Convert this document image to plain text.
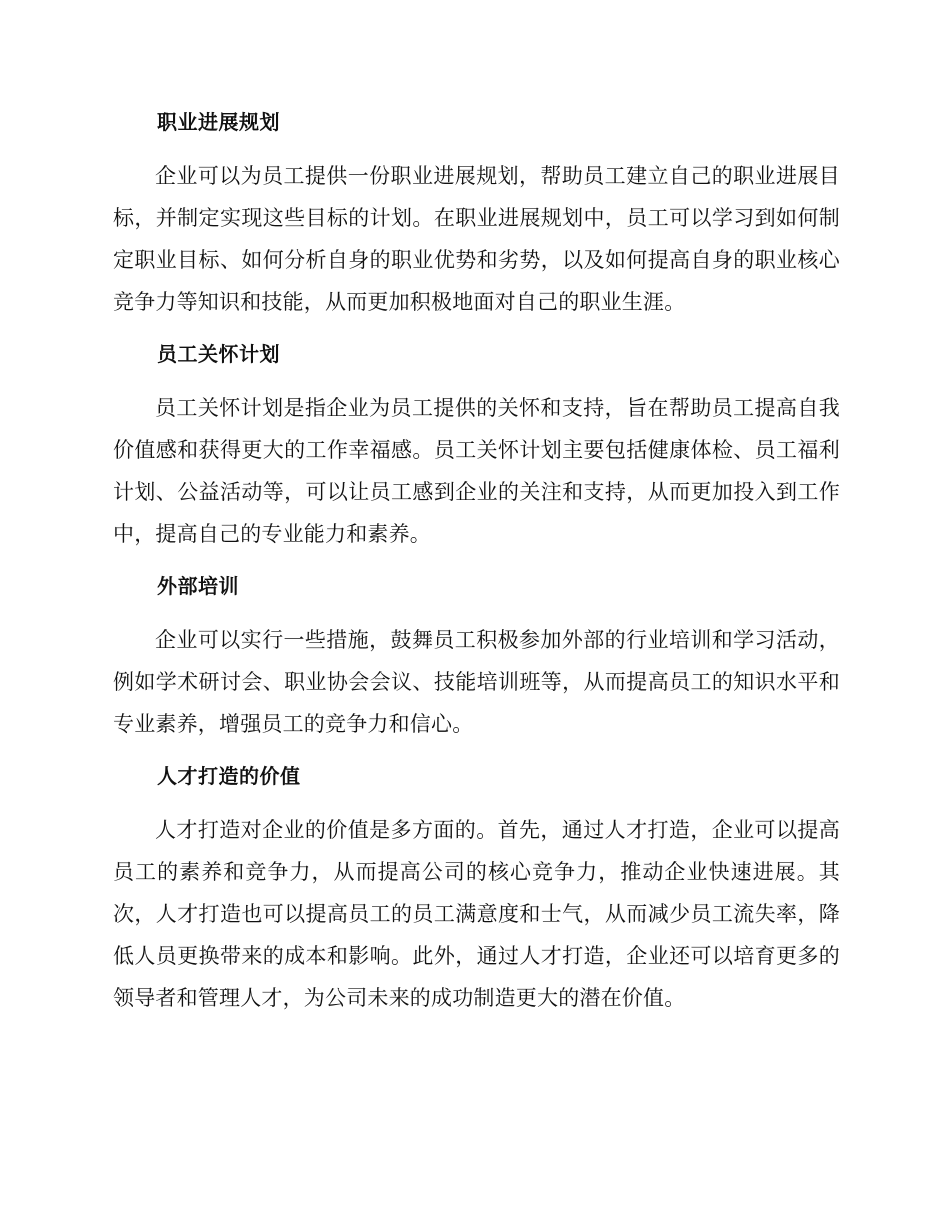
职业进展规划

企业可以为员工提供一份职业进展规划，帮助员工建立自己的职业进展目标，并制定实现这些目标的计划。在职业进展规划中，员工可以学习到如何制定职业目标、如何分析自身的职业优势和劣势，以及如何提高自身的职业核心竞争力等知识和技能，从而更加积极地面对自己的职业生涯。

员工关怀计划

员工关怀计划是指企业为员工提供的关怀和支持，旨在帮助员工提高自我价值感和获得更大的工作幸福感。员工关怀计划主要包括健康体检、员工福利计划、公益活动等，可以让员工感到企业的关注和支持，从而更加投入到工作中，提高自己的专业能力和素养。

外部培训

企业可以实行一些措施，鼓舞员工积极参加外部的行业培训和学习活动，例如学术研讨会、职业协会会议、技能培训班等，从而提高员工的知识水平和专业素养，增强员工的竞争力和信心。

人才打造的价值

人才打造对企业的价值是多方面的。首先，通过人才打造，企业可以提高员工的素养和竞争力，从而提高公司的核心竞争力，推动企业快速进展。其次，人才打造也可以提高员工的员工满意度和士气，从而减少员工流失率，降低人员更换带来的成本和影响。此外，通过人才打造，企业还可以培育更多的领导者和管理人才，为公司未来的成功制造更大的潜在价值。
